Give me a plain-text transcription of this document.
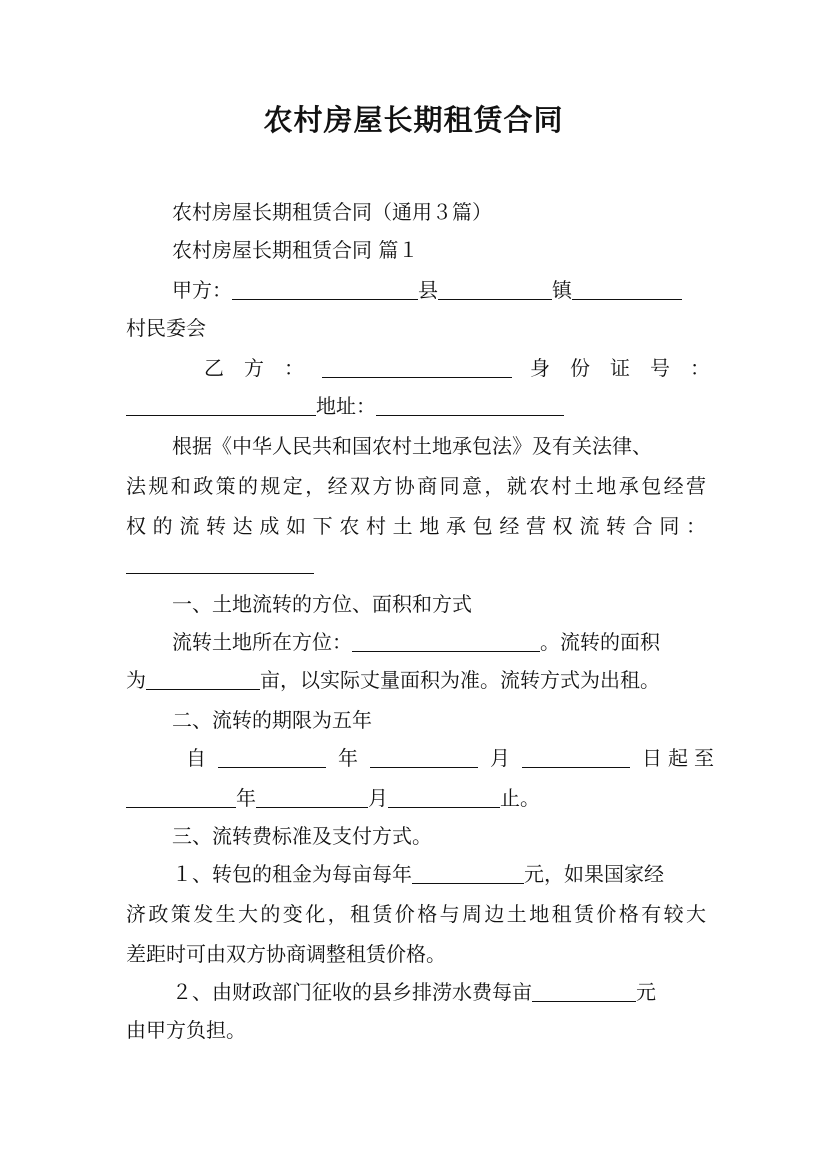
农村房屋长期租赁合同
农村房屋长期租赁合同（通用３篇）
农村房屋长期租赁合同 篇１
甲方：	县	镇
村民委会
乙　方　：	身　份　证　号　：
地址：
根据《中华人民共和国农村土地承包法》及有关法律、
法规和政策的规定，经双方协商同意，就农村土地承包经营
权的流转达成如下农村土地承包经营权流转合同：
一、土地流转的方位、面积和方式
流转土地所在方位：	。流转的面积
为	亩，以实际丈量面积为准。流转方式为出租。
二、流转的期限为五年
自	年	月	日起至
年	月	止。
三、流转费标准及支付方式。
１、转包的租金为每亩每年	元，如果国家经
济政策发生大的变化，租赁价格与周边土地租赁价格有较大
差距时可由双方协商调整租赁价格。
２、由财政部门征收的县乡排涝水费每亩	元
由甲方负担。
